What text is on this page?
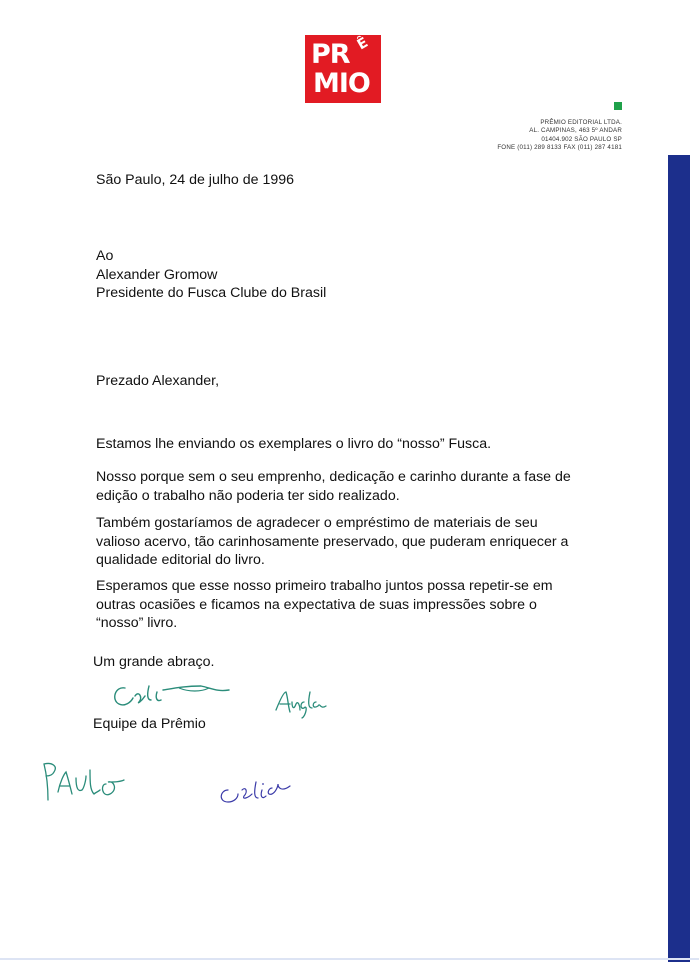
PR Ê
MIO
PRÊMIO EDITORIAL LTDA.
AL. CAMPINAS, 463 5º ANDAR
01404.902 SÃO PAULO SP
FONE (011) 289 8133 FAX (011) 287 4181
São Paulo, 24 de julho de 1996
Ao
Alexander Gromow
Presidente do Fusca Clube do Brasil
Prezado Alexander,
Estamos lhe enviando os exemplares o livro do “nosso” Fusca.
Nosso porque sem o seu emprenho, dedicação e carinho durante a fase de
edição o trabalho não poderia ter sido realizado.
Também gostaríamos de agradecer o empréstimo de materiais de seu
valioso acervo, tão carinhosamente preservado, que puderam enriquecer a
qualidade editorial do livro.
Esperamos que esse nosso primeiro trabalho juntos possa repetir-se em
outras ocasiões e ficamos na expectativa de suas impressões sobre o
“nosso” livro.
Um grande abraço.
Equipe da Prêmio
